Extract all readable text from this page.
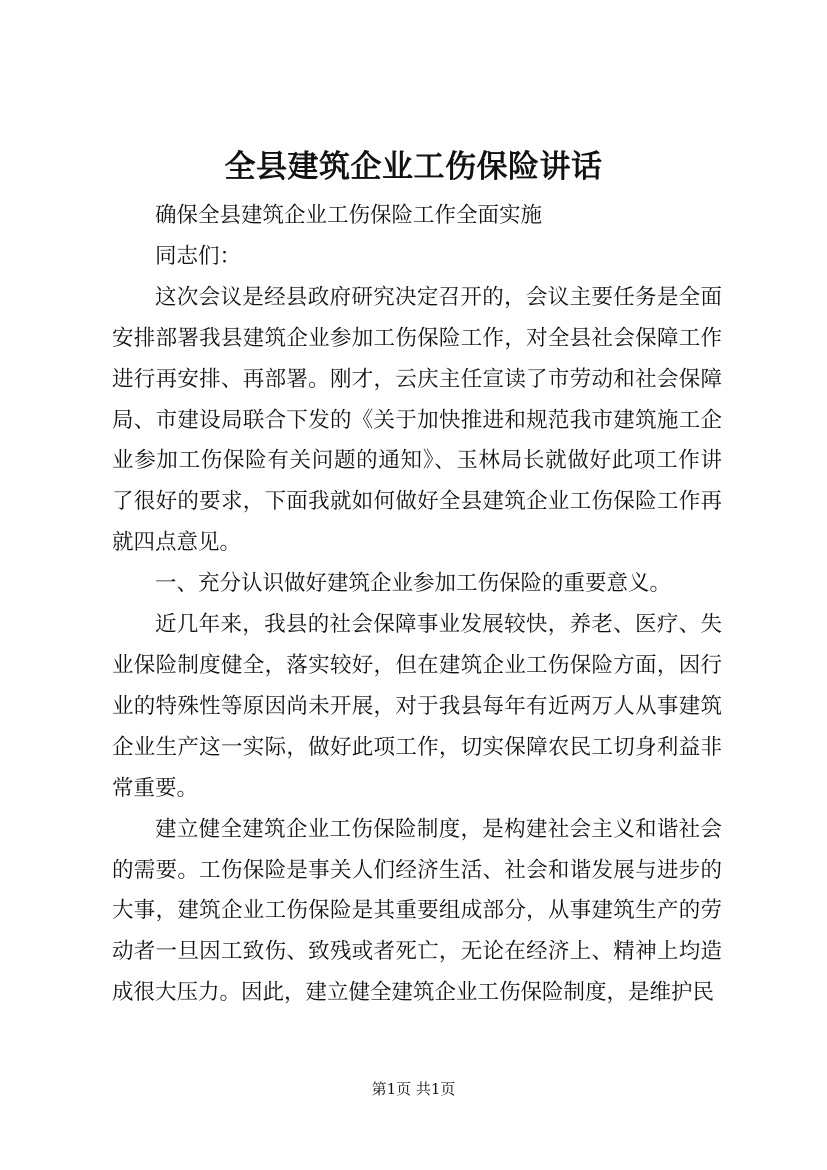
全县建筑企业工伤保险讲话

确保全县建筑企业工伤保险工作全面实施

同志们：

这次会议是经县政府研究决定召开的，会议主要任务是全面安排部署我县建筑企业参加工伤保险工作，对全县社会保障工作进行再安排、再部署。刚才，云庆主任宣读了市劳动和社会保障局、市建设局联合下发的《关于加快推进和规范我市建筑施工企业参加工伤保险有关问题的通知》、玉林局长就做好此项工作讲了很好的要求，下面我就如何做好全县建筑企业工伤保险工作再就四点意见。

一、充分认识做好建筑企业参加工伤保险的重要意义。

近几年来，我县的社会保障事业发展较快，养老、医疗、失业保险制度健全，落实较好，但在建筑企业工伤保险方面，因行业的特殊性等原因尚未开展，对于我县每年有近两万人从事建筑企业生产这一实际，做好此项工作，切实保障农民工切身利益非常重要。

建立健全建筑企业工伤保险制度，是构建社会主义和谐社会的需要。工伤保险是事关人们经济生活、社会和谐发展与进步的大事，建筑企业工伤保险是其重要组成部分，从事建筑生产的劳动者一旦因工致伤、致残或者死亡，无论在经济上、精神上均造成很大压力。因此，建立健全建筑企业工伤保险制度，是维护民

第1页 共1页
